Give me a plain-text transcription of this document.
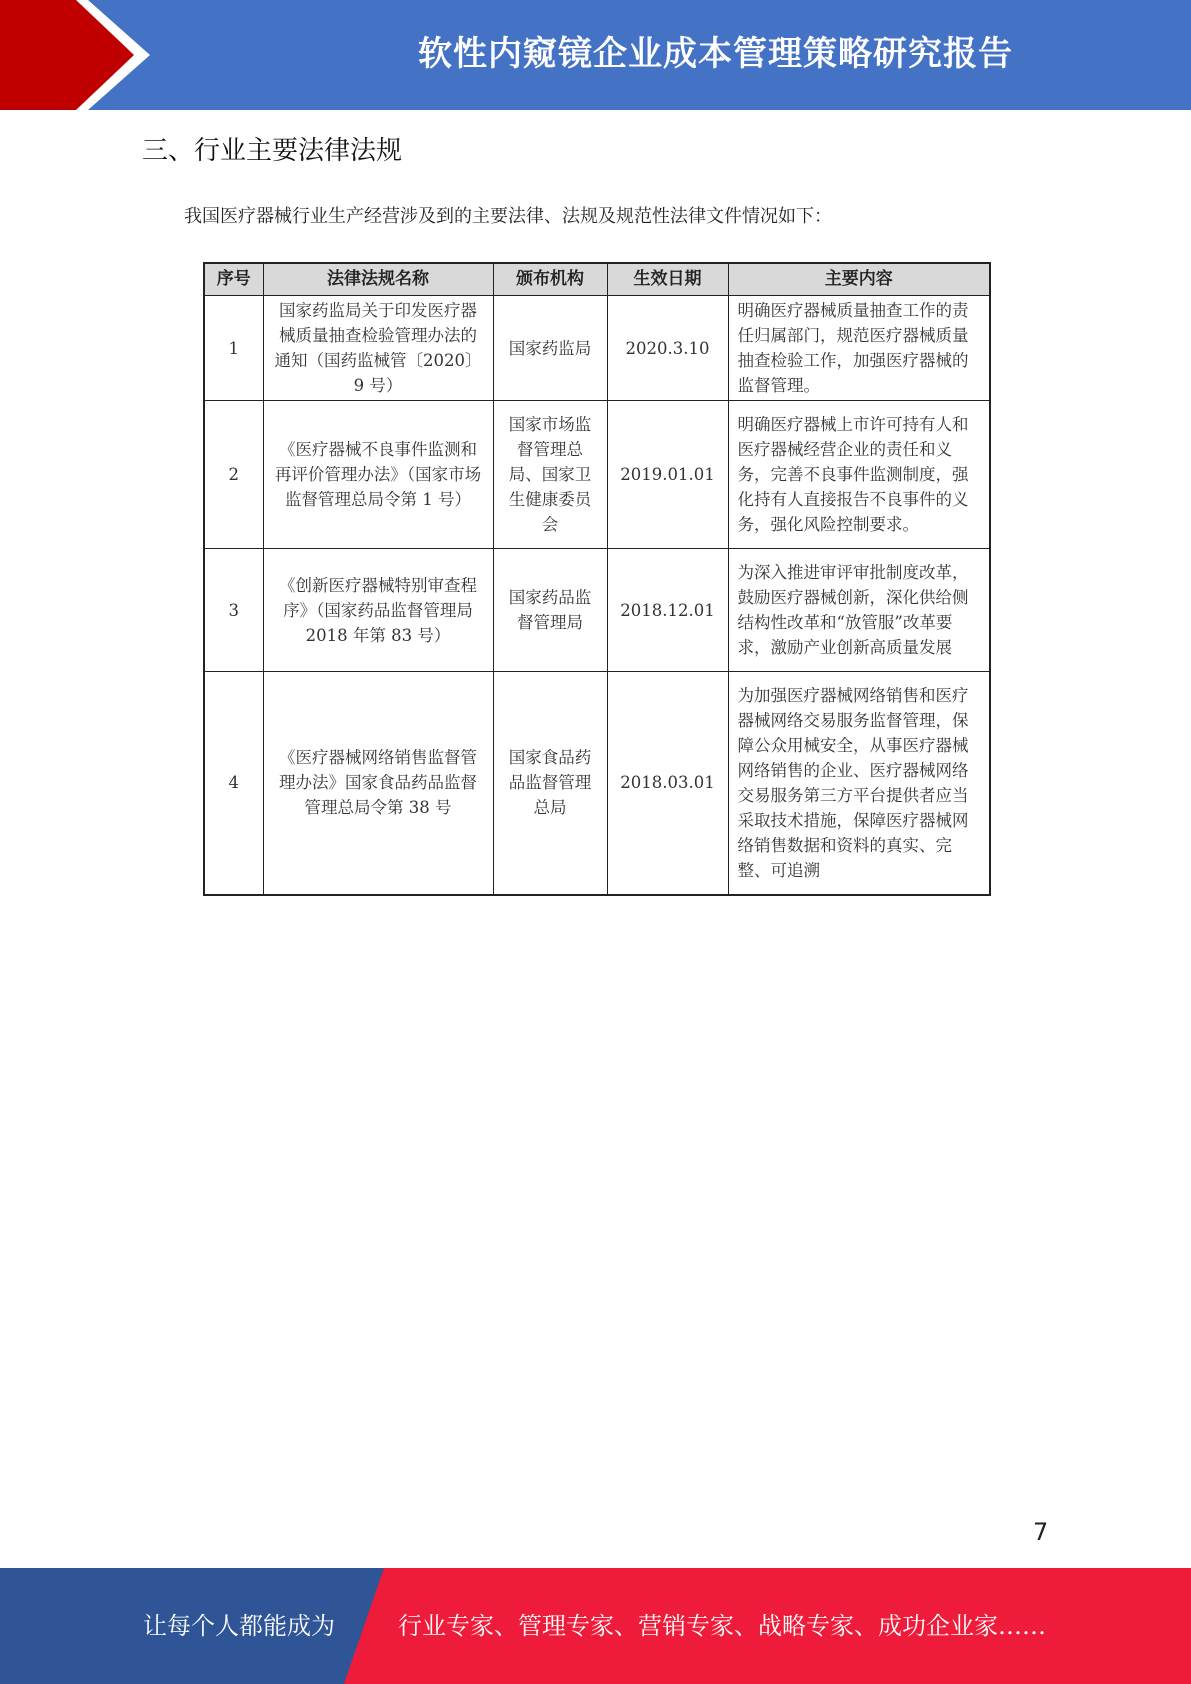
软性内窥镜企业成本管理策略研究报告
三、行业主要法律法规
我国医疗器械行业生产经营涉及到的主要法律、法规及规范性法律文件情况如下：
序号	法律法规名称	颁布机构	生效日期	主要内容
1	国家药监局关于印发医疗器械质量抽查检验管理办法的通知（国药监械管〔2020〕9 号）	国家药监局	2020.3.10	明确医疗器械质量抽查工作的责任归属部门，规范医疗器械质量抽查检验工作，加强医疗器械的监督管理。
2	《医疗器械不良事件监测和再评价管理办法》（国家市场监督管理总局令第 1 号）	国家市场监督管理总局、国家卫生健康委员会	2019.01.01	明确医疗器械上市许可持有人和医疗器械经营企业的责任和义务，完善不良事件监测制度，强化持有人直接报告不良事件的义务，强化风险控制要求。
3	《创新医疗器械特别审查程序》（国家药品监督管理局 2018 年第 83 号）	国家药品监督管理局	2018.12.01	为深入推进审评审批制度改革，鼓励医疗器械创新，深化供给侧结构性改革和“放管服”改革要求，激励产业创新高质量发展
4	《医疗器械网络销售监督管理办法》国家食品药品监督管理总局令第 38 号	国家食品药品监督管理总局	2018.03.01	为加强医疗器械网络销售和医疗器械网络交易服务监督管理，保障公众用械安全，从事医疗器械网络销售的企业、医疗器械网络交易服务第三方平台提供者应当采取技术措施，保障医疗器械网络销售数据和资料的真实、完整、可追溯
7
让每个人都能成为	行业专家、管理专家、营销专家、战略专家、成功企业家……
